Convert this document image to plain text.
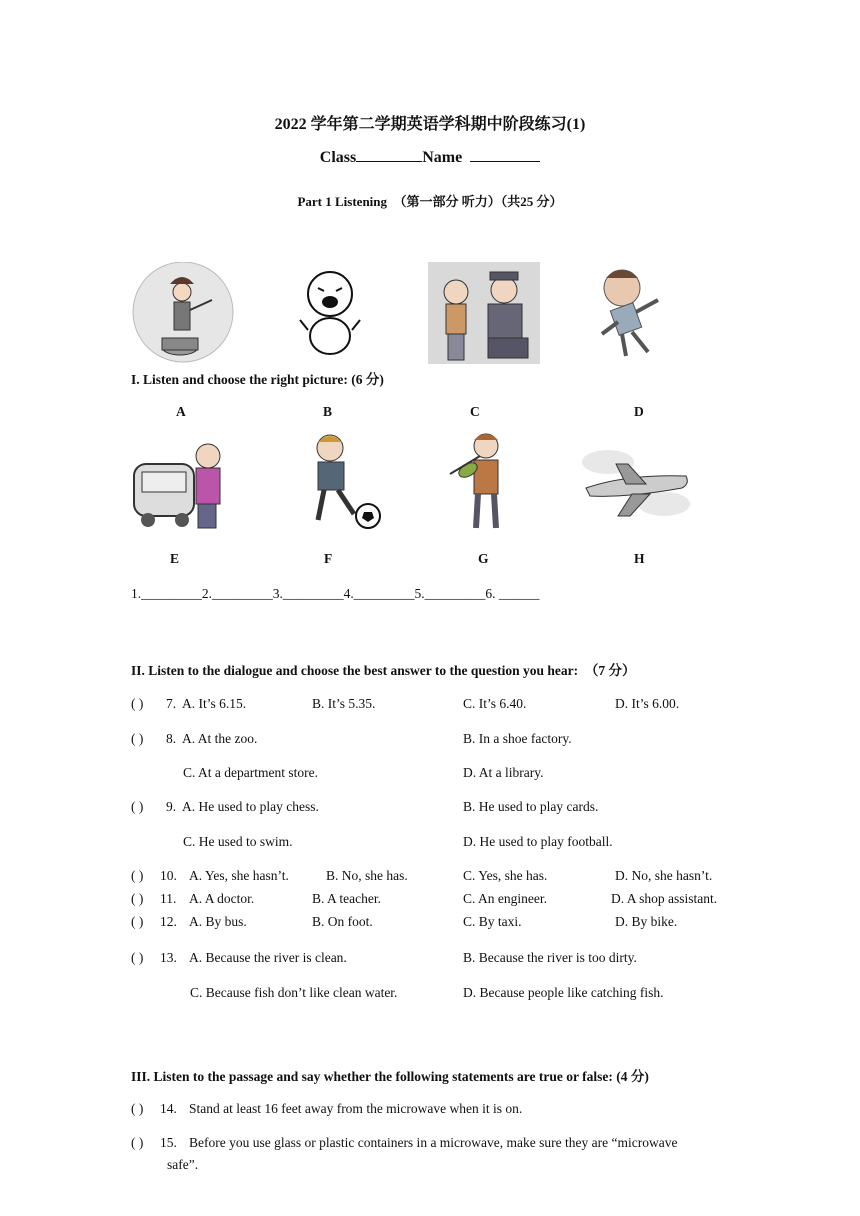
2022 学年第二学期英语学科期中阶段练习(1)
Class	Name
Part 1 Listening　（第一部分 听力）（共25 分）
I. Listen and choose the right picture: (6 分)
A	B	C	D
E	F	G	H
1._________2._________3._________4._________5._________6. ______
II. Listen to the dialogue and choose the best answer to the question you hear:　（7 分）
( ) 7. A. It’s 6.15.	B. It’s 5.35.	C. It’s 6.40.	D. It’s 6.00.
( ) 8. A. At the zoo.	B. In a shoe factory.
C. At a department store.	D. At a library.
( ) 9. A. He used to play chess.	B. He used to play cards.
C. He used to swim.	D. He used to play football.
( ) 10. A. Yes, she hasn’t.	B. No, she has.	C. Yes, she has.	D. No, she hasn’t.
( ) 11. A. A doctor.	B. A teacher.	C. An engineer.	D. A shop assistant.
( ) 12. A. By bus.	B. On foot.	C. By taxi.	D. By bike.
( ) 13. A. Because the river is clean.	B. Because the river is too dirty.
C. Because fish don’t like clean water.	D. Because people like catching fish.
III. Listen to the passage and say whether the following statements are true or false: (4 分)
( ) 14. Stand at least 16 feet away from the microwave when it is on.
( ) 15. Before you use glass or plastic containers in a microwave, make sure they are “microwave
safe”.
